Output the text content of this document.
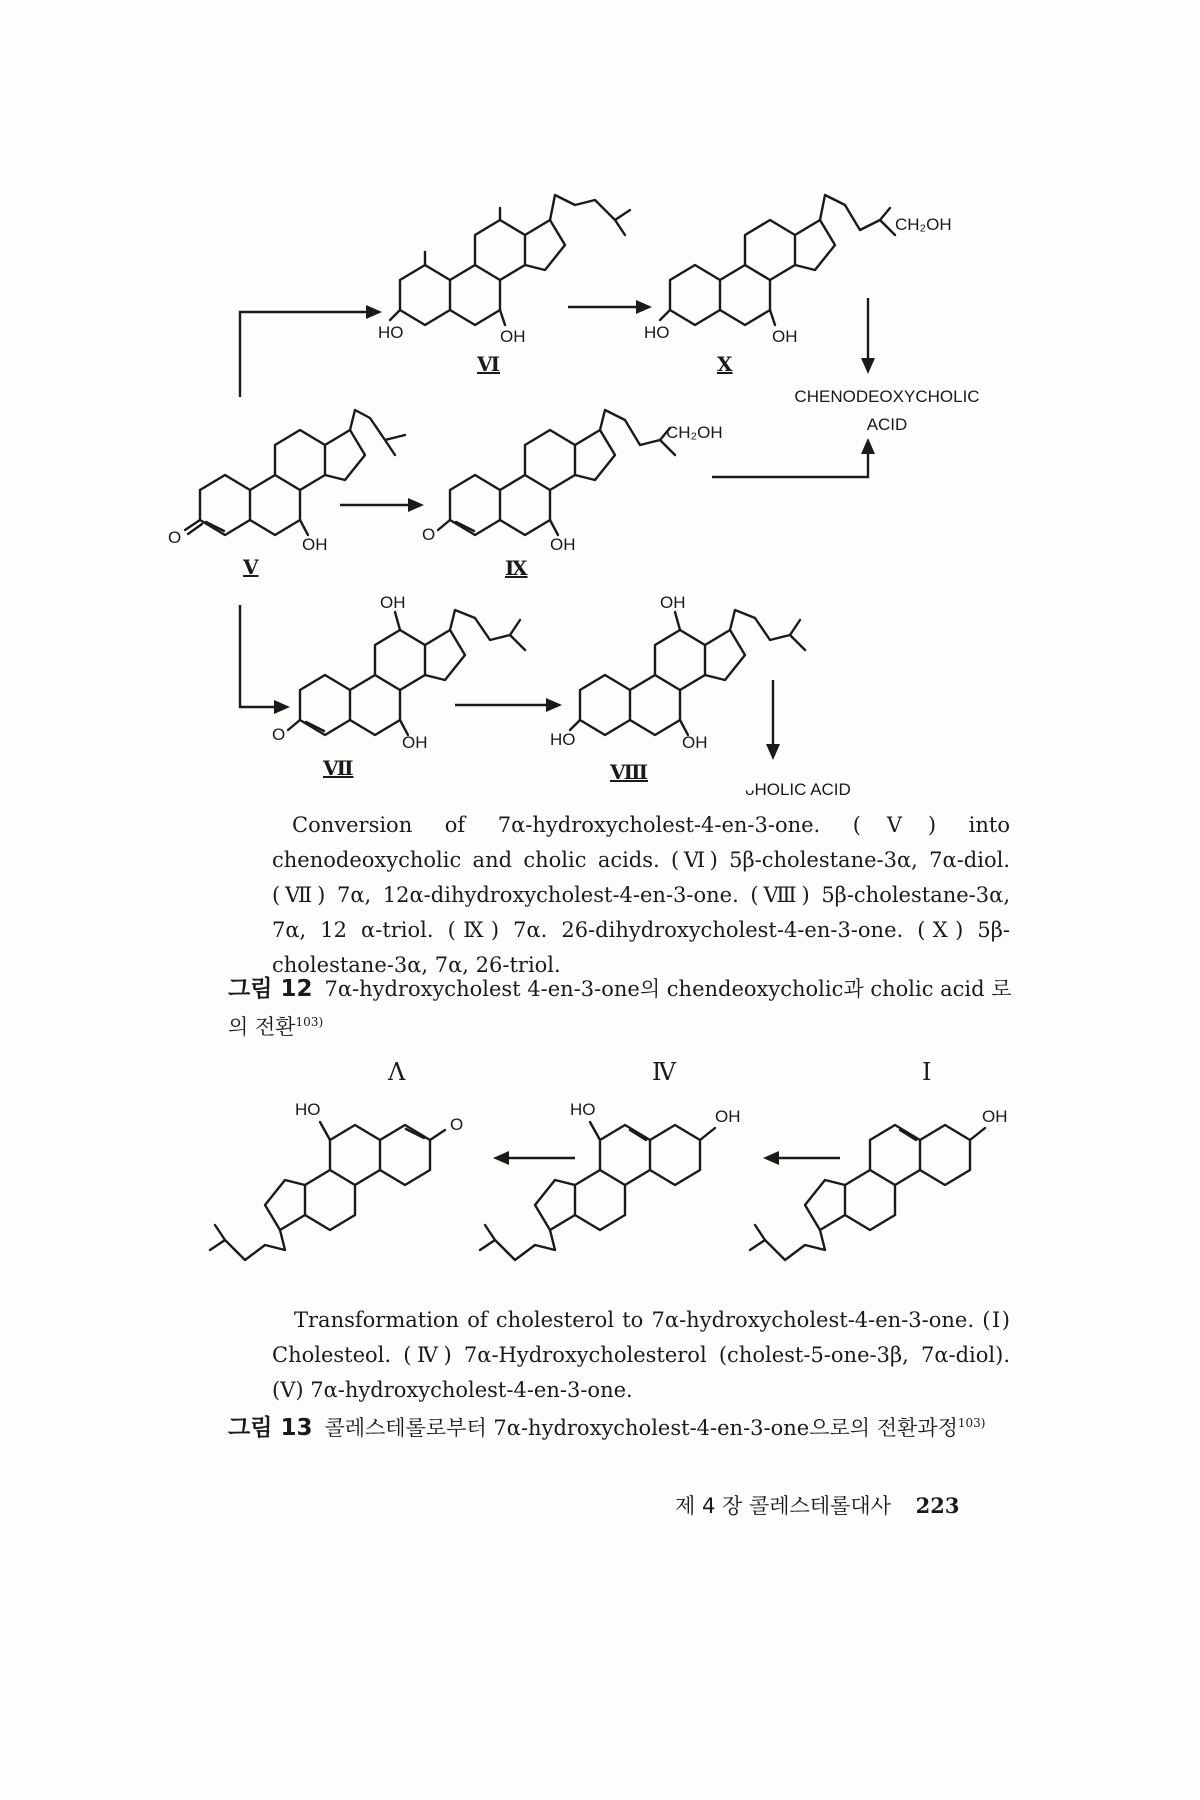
HO	OH
Ⅵ
HO	OH
CH₂OH
Ⅹ
CHENODEOXYCHOLIC
ACID
O	OH
Ⅴ
O
OH
CH₂OH
Ⅸ
OH
O	OH
Ⅶ
OH
HO	OH
Ⅷ
ᴗHOLIC ACID
Conversion of 7α-hydroxycholest-4-en-3-one. (Ⅴ) into chenodeoxycholic and cholic acids. (Ⅵ) 5β-cholestane-3α, 7α-diol. (Ⅶ) 7α, 12α-dihydroxycholest-4-en-3-one. (Ⅷ) 5β-cholestane-3α, 7α, 12 α-triol. (Ⅸ) 7α. 26-dihydroxycholest-4-en-3-one. (Ⅹ) 5β-cholestane-3α, 7α, 26-triol.
그림 12 7α-hydroxycholest 4-en-3-one의 chendeoxycholic과 cholic acid 로의 전환$^{103)}$
Λ	Ⅳ	I
HO
O
HO	OH	OH
Transformation of cholesterol to 7α-hydroxycholest-4-en-3-one. (Ⅰ) Cholesteol. (Ⅳ) 7α-Hydroxycholesterol (cholest-5-one-3β, 7α-diol). (Ⅴ) 7α-hydroxycholest-4-en-3-one.
그림 13 콜레스테롤로부터 7α-hydroxycholest-4-en-3-one으로의 전환과정$^{103)}$
제 4 장 콜레스테롤대사 223
